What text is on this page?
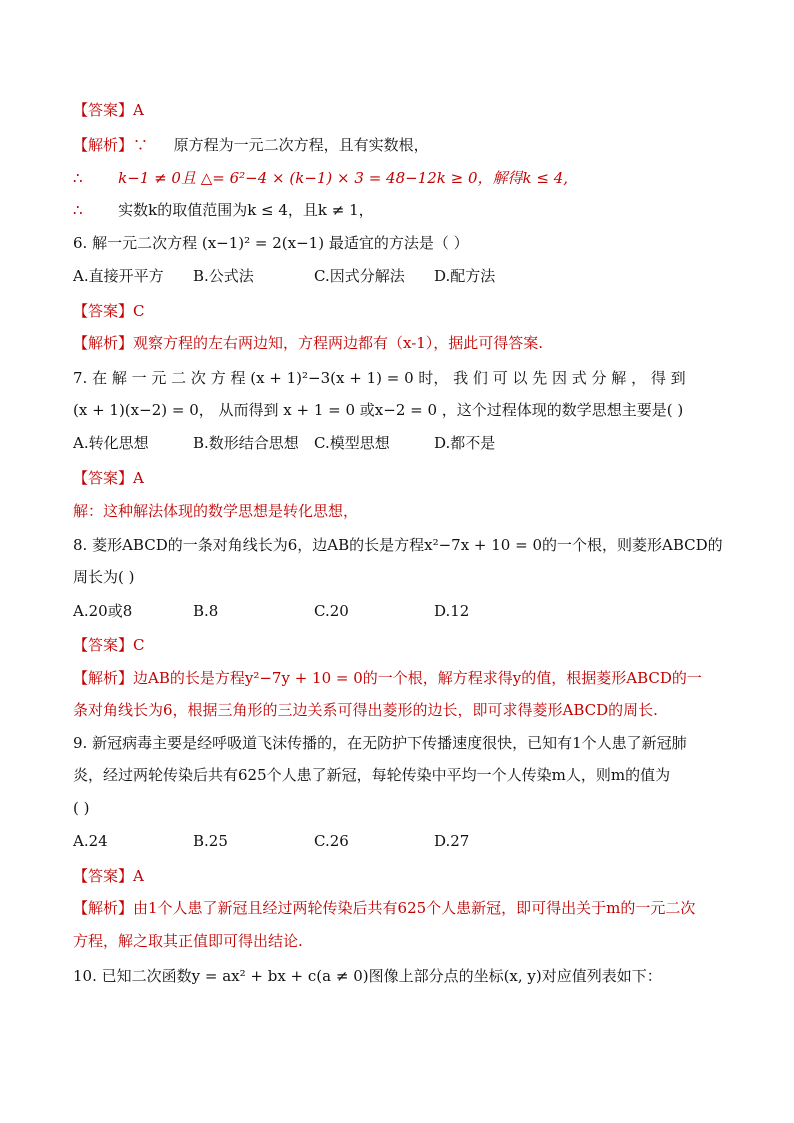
【答案】A
【解析】∵ 原方程为一元二次方程，且有实数根，
∴ k−1 ≠ 0且 △= 6²−4 × (k−1) × 3 = 48−12k ≥ 0，解得k ≤ 4,
∴ 实数k的取值范围为k ≤ 4，且k ≠ 1，
6. 解一元二次方程 (x−1)² = 2(x−1) 最适宜的方法是（ ）
A.直接开平方 B.公式法	C.因式分解法 D.配方法
【答案】C
【解析】观察方程的左右两边知，方程两边都有（x-1），据此可得答案.
7. 在 解 一 元 二 次 方 程 (x + 1)²−3(x + 1) = 0 时， 我 们 可 以 先 因 式 分 解 ， 得 到
(x + 1)(x−2) = 0， 从而得到 x + 1 = 0 或x−2 = 0 ，这个过程体现的数学思想主要是( )
A.转化思想	B.数形结合思想 C.模型思想	D.都不是
【答案】A
解：这种解法体现的数学思想是转化思想，
8. 菱形ABCD的一条对角线长为6，边AB的长是方程x²−7x + 10 = 0的一个根，则菱形ABCD的
周长为( )
A.20或8	B.8	C.20	D.12
【答案】C
【解析】边AB的长是方程y²−7y + 10 = 0的一个根，解方程求得y的值，根据菱形ABCD的一
条对角线长为6，根据三角形的三边关系可得出菱形的边长，即可求得菱形ABCD的周长.
9. 新冠病毒主要是经呼吸道飞沫传播的，在无防护下传播速度很快，已知有1个人患了新冠肺
炎，经过两轮传染后共有625个人患了新冠，每轮传染中平均一个人传染m人，则m的值为
( )
A.24	B.25	C.26	D.27
【答案】A
【解析】由1个人患了新冠且经过两轮传染后共有625个人患新冠，即可得出关于m的一元二次
方程，解之取其正值即可得出结论.
10. 已知二次函数y = ax² + bx + c(a ≠ 0)图像上部分点的坐标(x, y)对应值列表如下：
